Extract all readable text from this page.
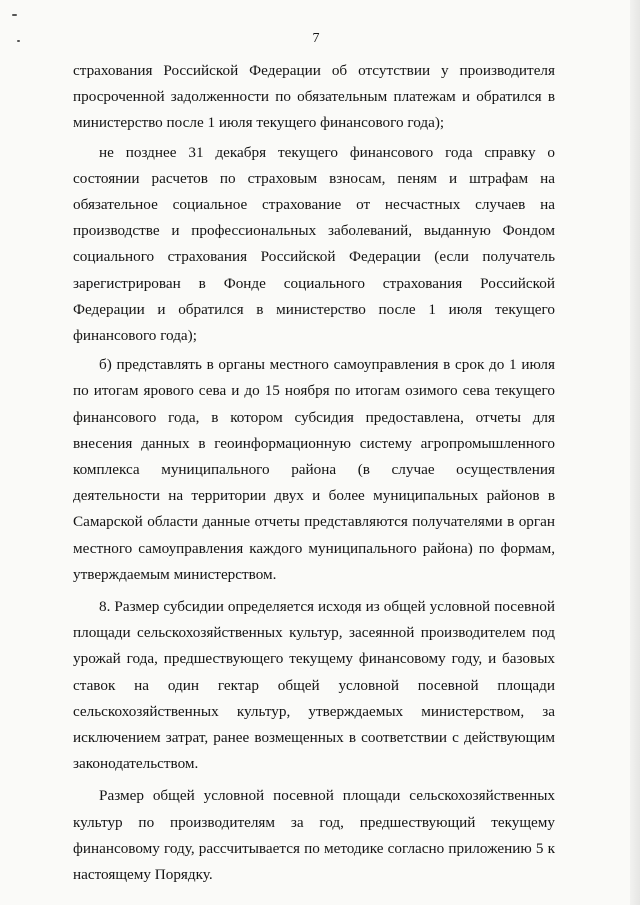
7

страхования Российской Федерации об отсутствии у производителя просроченной задолженности по обязательным платежам и обратился в министерство после 1 июля текущего финансового года);

не позднее 31 декабря текущего финансового года справку о состоянии расчетов по страховым взносам, пеням и штрафам на обязательное социальное страхование от несчастных случаев на производстве и профессиональных заболеваний, выданную Фондом социального страхования Российской Федерации (если получатель зарегистрирован в Фонде социального страхования Российской Федерации и обратился в министерство после 1 июля текущего финансового года);

б) представлять в органы местного самоуправления в срок до 1 июля по итогам ярового сева и до 15 ноября по итогам озимого сева текущего финансового года, в котором субсидия предоставлена, отчеты для внесения данных в геоинформационную систему агропромышленного комплекса муниципального района (в случае осуществления деятельности на территории двух и более муниципальных районов в Самарской области данные отчеты представляются получателями в орган местного самоуправления каждого муниципального района) по формам, утверждаемым министерством.

8. Размер субсидии определяется исходя из общей условной посевной площади сельскохозяйственных культур, засеянной производителем под урожай года, предшествующего текущему финансовому году, и базовых ставок на один гектар общей условной посевной площади сельскохозяйственных культур, утверждаемых министерством, за исключением затрат, ранее возмещенных в соответствии с действующим законодательством.

Размер общей условной посевной площади сельскохозяйственных культур по производителям за год, предшествующий текущему финансовому году, рассчитывается по методике согласно приложению 5 к настоящему Порядку.
